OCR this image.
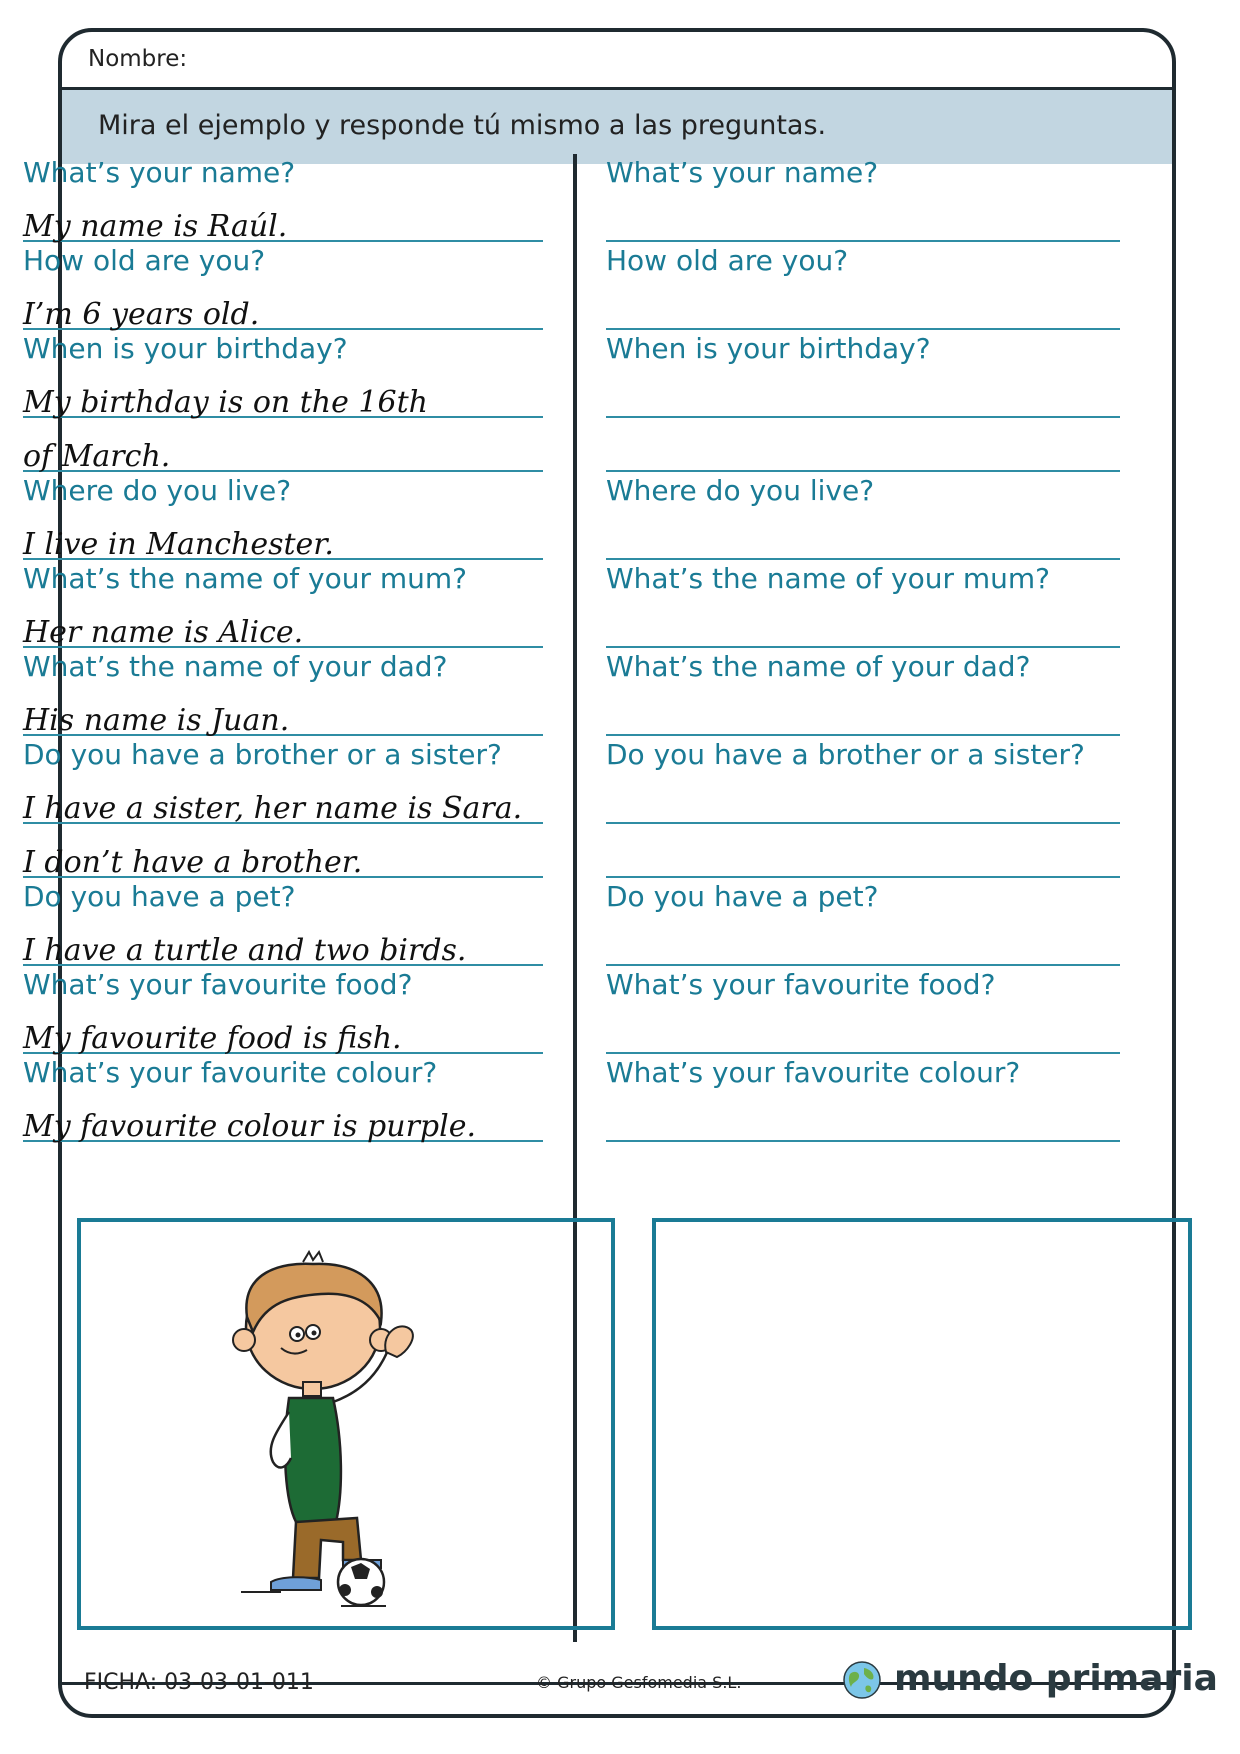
Nombre:
Mira el ejemplo y responde tú mismo a las preguntas.
What’s your name?
My name is Raúl.
How old are you?
I’m 6 years old.
When is your birthday?
My birthday is on the 16th
of March.
Where do you live?
I live in Manchester.
What’s the name of your mum?
Her name is Alice.
What’s the name of your dad?
His name is Juan.
Do you have a brother or a sister?
I have a sister, her name is Sara.
I don’t have a brother.
Do you have a pet?
I have a turtle and two birds.
What’s your favourite food?
My favourite food is fish.
What’s your favourite colour?
My favourite colour is purple.
What’s your name?
How old are you?
When is your birthday?
Where do you live?
What’s the name of your mum?
What’s the name of your dad?
Do you have a brother or a sister?
Do you have a pet?
What’s your favourite food?
What’s your favourite colour?
FICHA: 03-03-01-011	© Grupo Gesfomedia S.L.	mundo primaria
